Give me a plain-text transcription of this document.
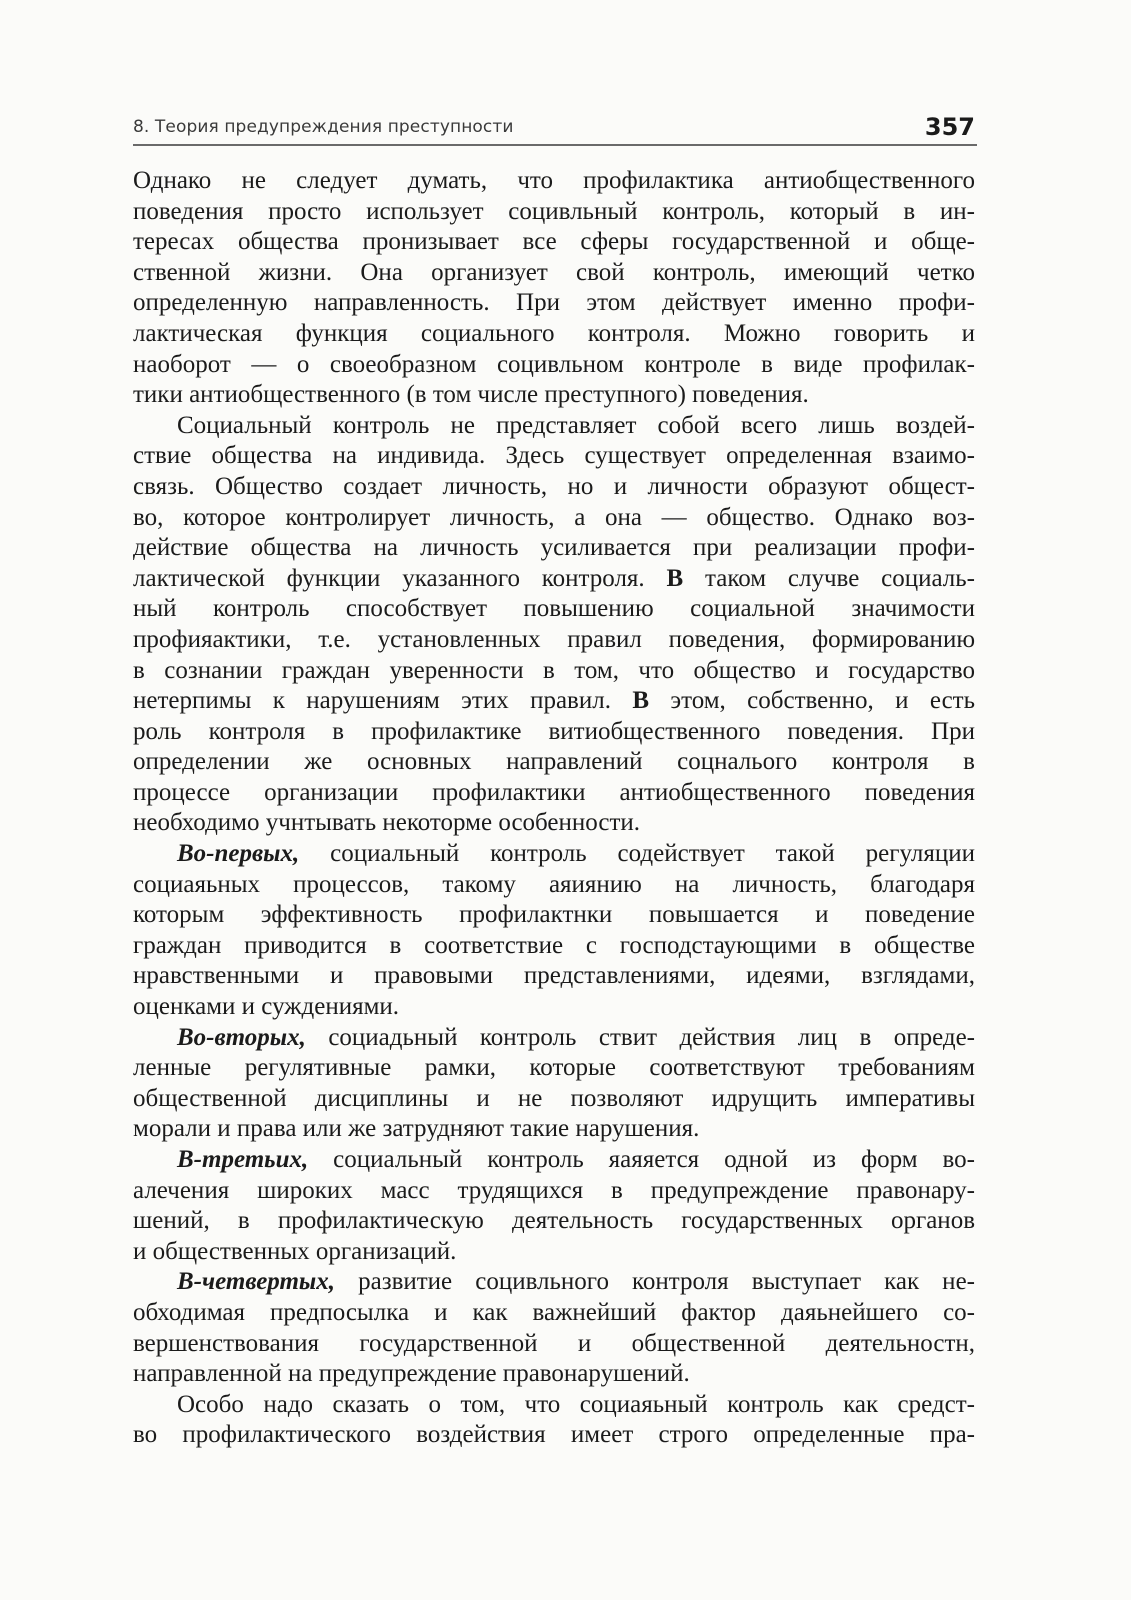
8. Теория предупреждения преступности	357
Однако не следует думать, что профилактика антиобщественного
поведения просто использует социвльный контроль, который в ин-
тересах общества пронизывает все сферы государственной и обще-
ственной жизни. Она организует свой контроль, имеющий четко
определенную направленность. При этом действует именно профи-
лактическая функция социального контроля. Можно говорить и
наоборот — о своеобразном социвльном контроле в виде профилак-
тики антиобщественного (в том числе преступного) поведения.
Социальный контроль не представляет собой всего лишь воздей-
ствие общества на индивида. Здесь существует определенная взаимо-
связь. Общество создает личность, но и личности образуют общест-
во, которое контролирует личность, а она — общество. Однако воз-
действие общества на личность усиливается при реализации профи-
лактической функции указанного контроля. В таком случве социаль-
ный контроль способствует повышению социальной значимости
профияактики, т.е. установленных правил поведения, формированию
в сознании граждан уверенности в том, что общество и государство
нетерпимы к нарушениям этих правил. В этом, собственно, и есть
роль контроля в профилактике витиобщественного поведения. При
определении же основных направлений соцналього контроля в
процессе организации профилактики антиобщественного поведения
необходимо учнтывать некоторме особенности.
Во-первых, социальный контроль содействует такой регуляции
социаяьных процессов, такому аяиянию на личность, благодаря
которым эффективность профилактнки повышается и поведение
граждан приводится в соответствие с господстаующими в обществе
нравственными и правовыми представлениями, идеями, взглядами,
оценками и суждениями.
Во-вторых, социадьный контроль ствит действия лиц в опреде-
ленные регулятивные рамки, которые соответствуют требованиям
общественной дисциплины и не позволяют идрущить императивы
морали и права или же затрудняют такие нарушения.
В-третьих, социальный контроль яаяяется одной из форм во-
алечения широких масс трудящихся в предупреждение правонару-
шений, в профилактическую деятельность государственных органов
и общественных организаций.
В-четвертых, развитие социвльного контроля выступает как не-
обходимая предпосылка и как важнейший фактор даяьнейшего со-
вершенствования государственной и общественной деятельностн,
направленной на предупреждение правонарушений.
Особо надо сказать о том, что социаяьный контроль как средст-
во профилактического воздействия имеет строго определенные пра-
